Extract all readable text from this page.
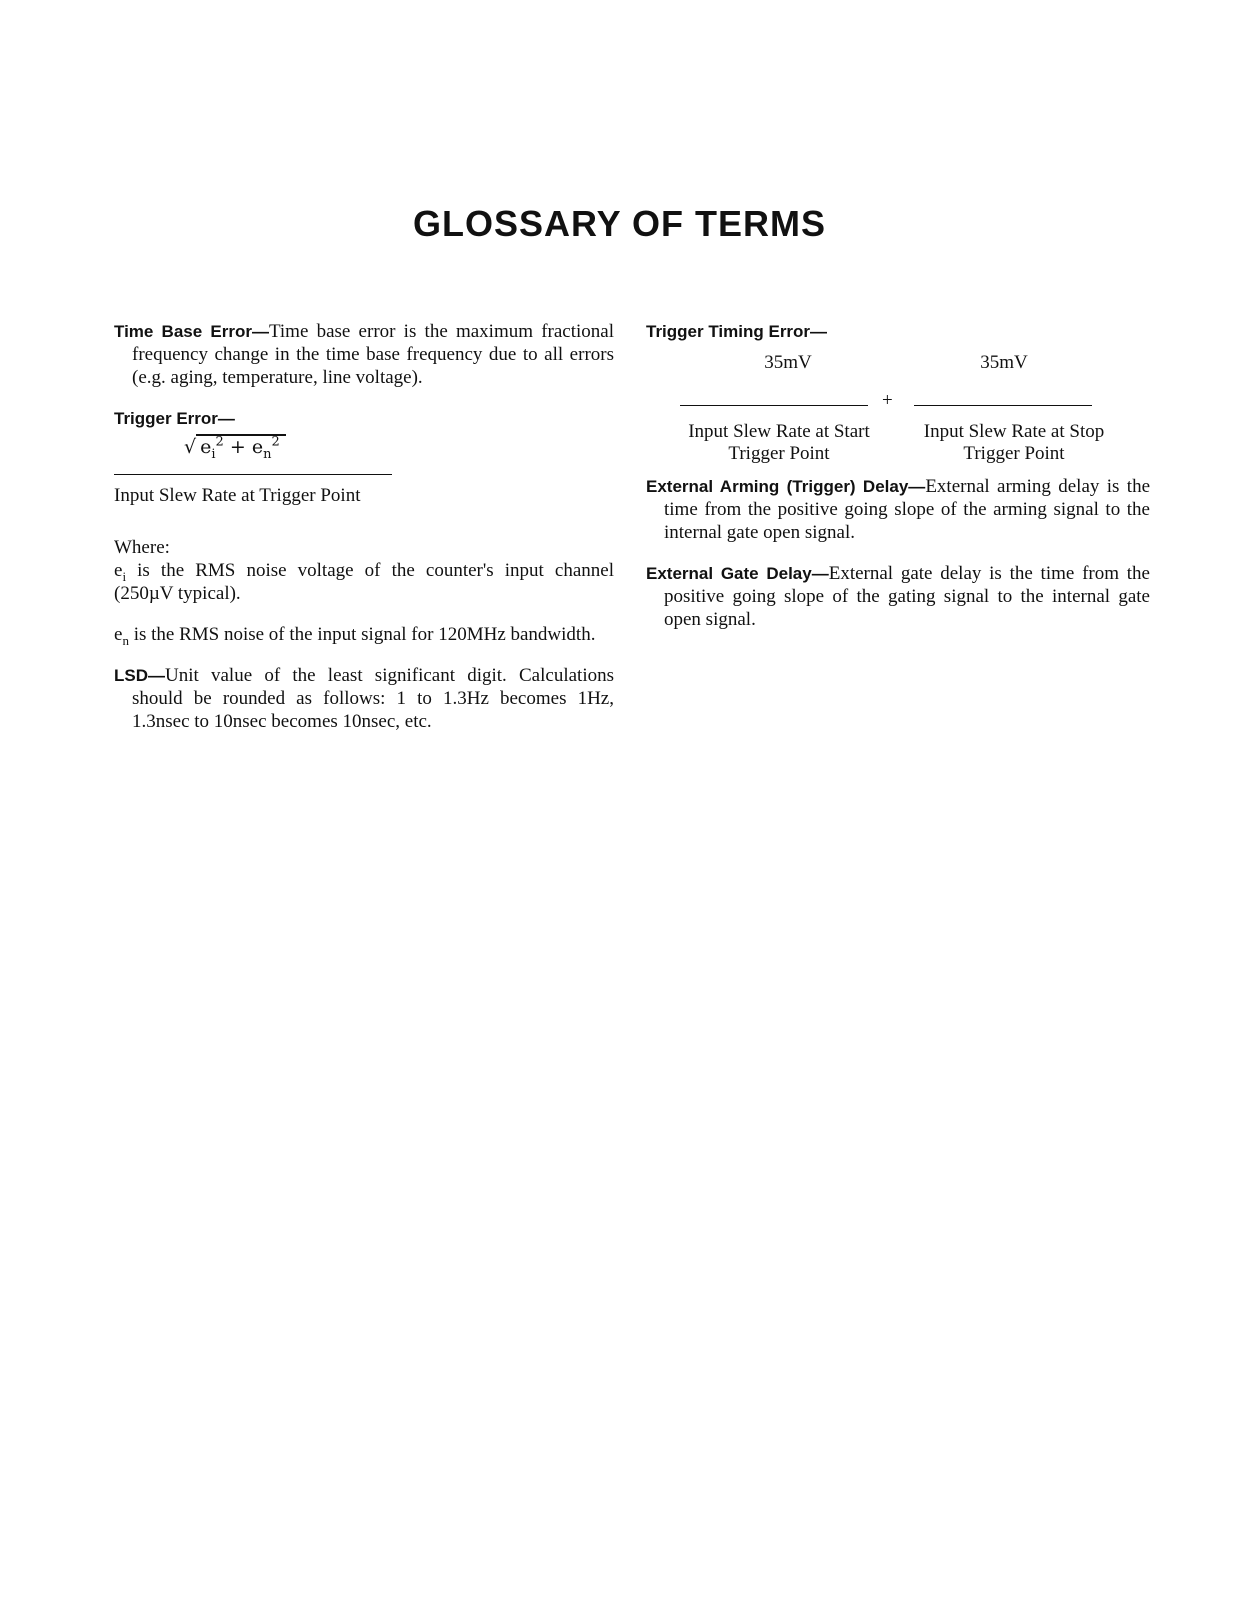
GLOSSARY OF TERMS

Time Base Error—Time base error is the maximum fractional frequency change in the time base frequency due to all errors (e.g. aging, temperature, line voltage).

Trigger Error—

√ $e_i^2 + e_n^2$
Input Slew Rate at Trigger Point

Where:

$e_i$ is the RMS noise voltage of the counter's input channel (250µV typical).

$e_n$ is the RMS noise of the input signal for 120MHz bandwidth.

LSD—Unit value of the least significant digit. Calculations should be rounded as follows: 1 to 1.3Hz becomes 1Hz, 1.3nsec to 10nsec becomes 10nsec, etc.

Trigger Timing Error—

35mV	35mV
+
Input Slew Rate at Start
Trigger Point
Input Slew Rate at Stop
Trigger Point

External Arming (Trigger) Delay—External arming delay is the time from the positive going slope of the arming signal to the internal gate open signal.

External Gate Delay—External gate delay is the time from the positive going slope of the gating signal to the internal gate open signal.
